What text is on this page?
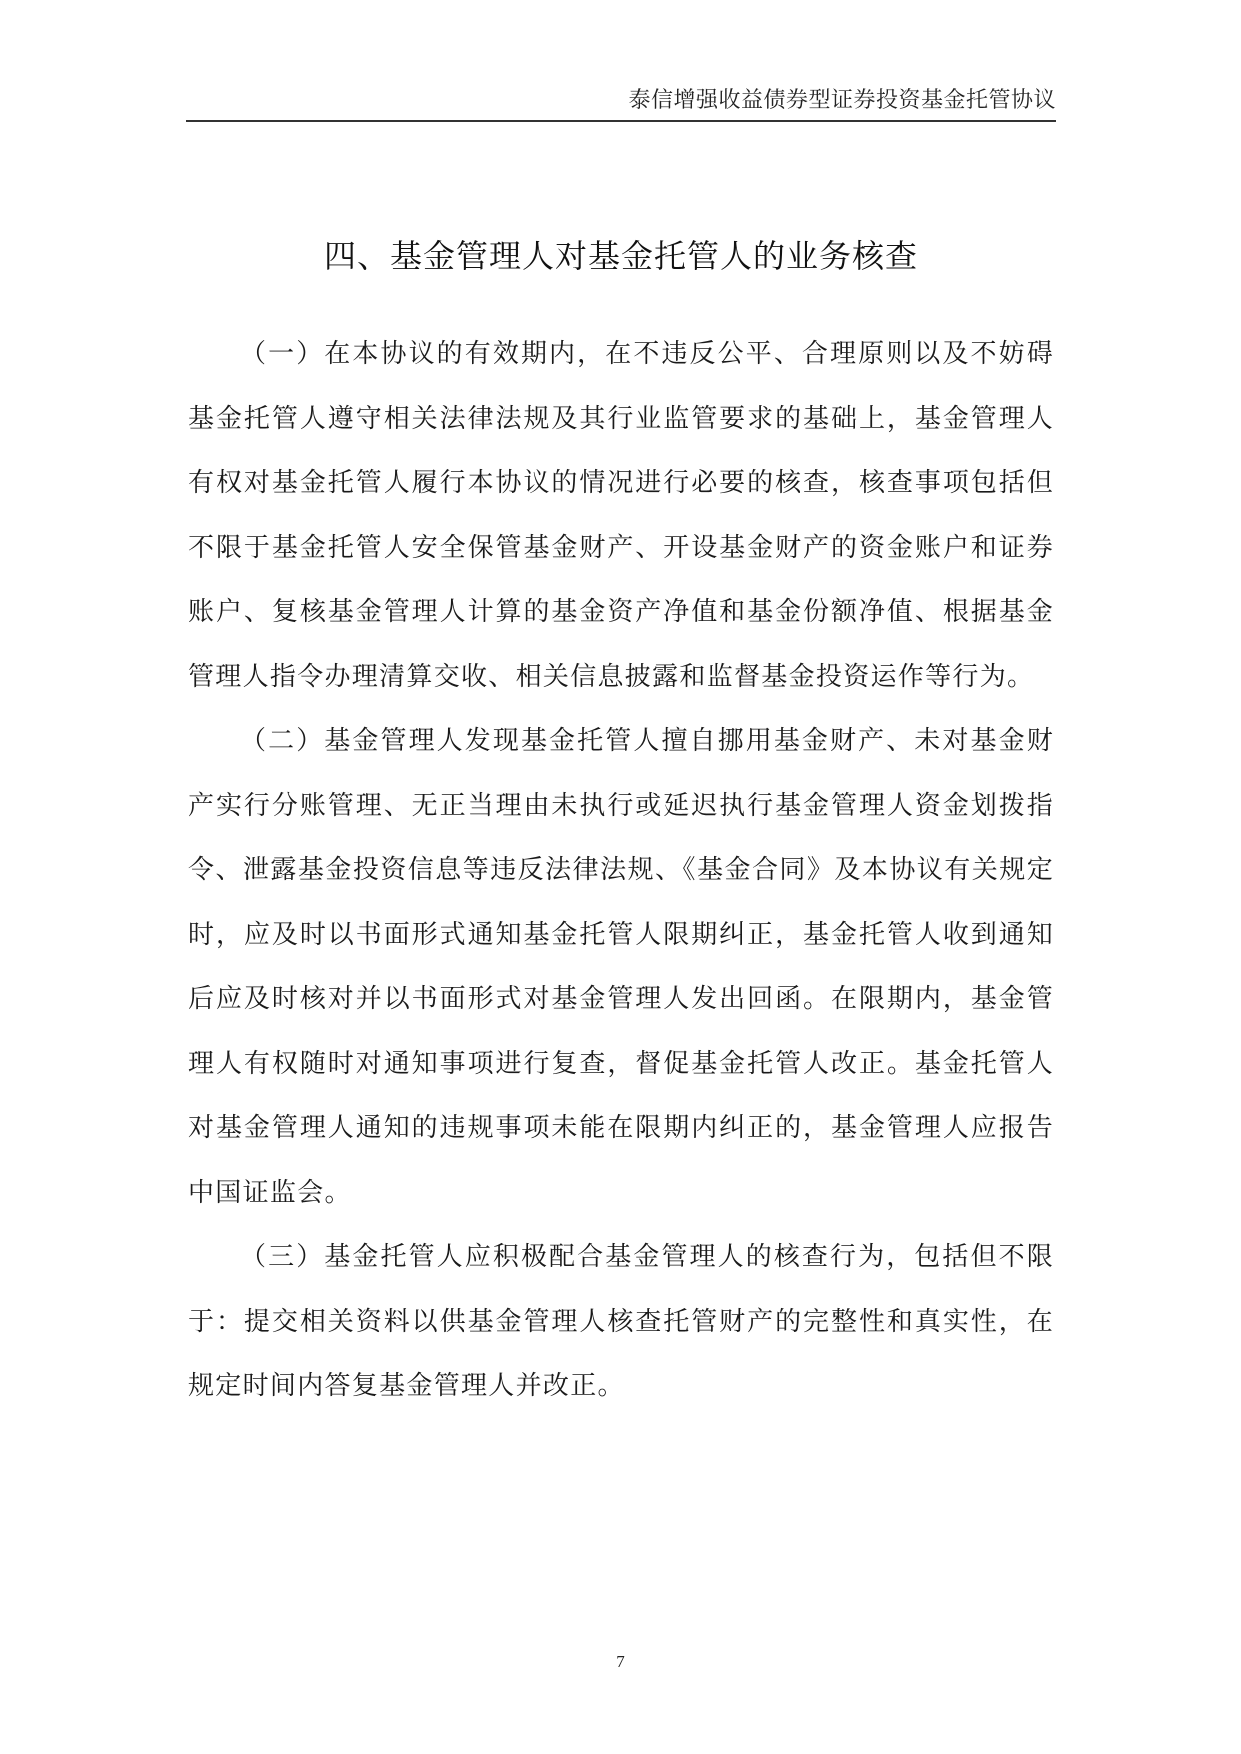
泰信增强收益债券型证券投资基金托管协议
四、基金管理人对基金托管人的业务核查

（一）在本协议的有效期内，在不违反公平、合理原则以及不妨碍基金托管人遵守相关法律法规及其行业监管要求的基础上，基金管理人有权对基金托管人履行本协议的情况进行必要的核查，核查事项包括但不限于基金托管人安全保管基金财产、开设基金财产的资金账户和证券账户、复核基金管理人计算的基金资产净值和基金份额净值、根据基金管理人指令办理清算交收、相关信息披露和监督基金投资运作等行为。

（二）基金管理人发现基金托管人擅自挪用基金财产、未对基金财产实行分账管理、无正当理由未执行或延迟执行基金管理人资金划拨指令、泄露基金投资信息等违反法律法规、《基金合同》及本协议有关规定时，应及时以书面形式通知基金托管人限期纠正，基金托管人收到通知后应及时核对并以书面形式对基金管理人发出回函。在限期内，基金管理人有权随时对通知事项进行复查，督促基金托管人改正。基金托管人对基金管理人通知的违规事项未能在限期内纠正的，基金管理人应报告中国证监会。

（三）基金托管人应积极配合基金管理人的核查行为，包括但不限于：提交相关资料以供基金管理人核查托管财产的完整性和真实性，在规定时间内答复基金管理人并改正。

7
